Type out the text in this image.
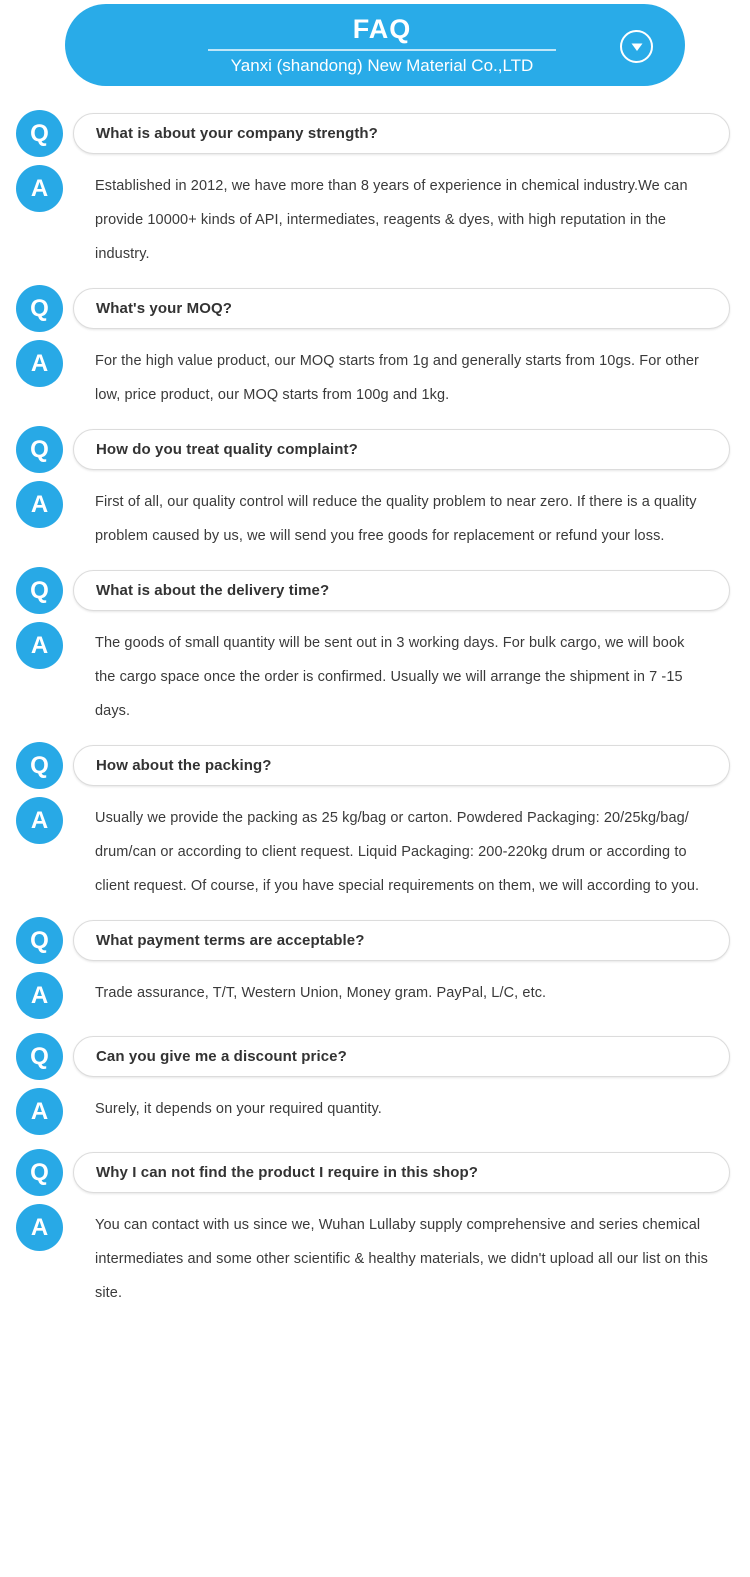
FAQ
Yanxi (shandong) New Material Co.,LTD
Q	What is about your company strength?
A	Established in 2012, we have more than 8 years of experience in chemical industry.We can provide 10000+ kinds of API, intermediates, reagents & dyes, with high reputation in the industry.
Q	What's your MOQ?
A	For the high value product, our MOQ starts from 1g and generally starts from 10gs. For other low, price product, our MOQ starts from 100g and 1kg.
Q	How do you treat quality complaint?
A	First of all, our quality control will reduce the quality problem to near zero. If there is a quality problem caused by us, we will send you free goods for replacement or refund your loss.
Q	What is about the delivery time?
A	The goods of small quantity will be sent out in 3 working days. For bulk cargo, we will book the cargo space once the order is confirmed. Usually we will arrange the shipment in 7 -15 days.
Q	How about the packing?
A	Usually we provide the packing as 25 kg/bag or carton. Powdered Packaging: 20/25kg/bag/ drum/can or according to client request. Liquid Packaging: 200-220kg drum or according to client request. Of course, if you have special requirements on them, we will according to you.
Q	What payment terms are acceptable?
A	Trade assurance, T/T, Western Union, Money gram. PayPal, L/C, etc.
Q	Can you give me a discount price?
A	Surely, it depends on your required quantity.
Q	Why I can not find the product I require in this shop?
A	You can contact with us since we, Wuhan Lullaby supply comprehensive and series chemical intermediates and some other scientific & healthy materials, we didn't upload all our list on this site.
